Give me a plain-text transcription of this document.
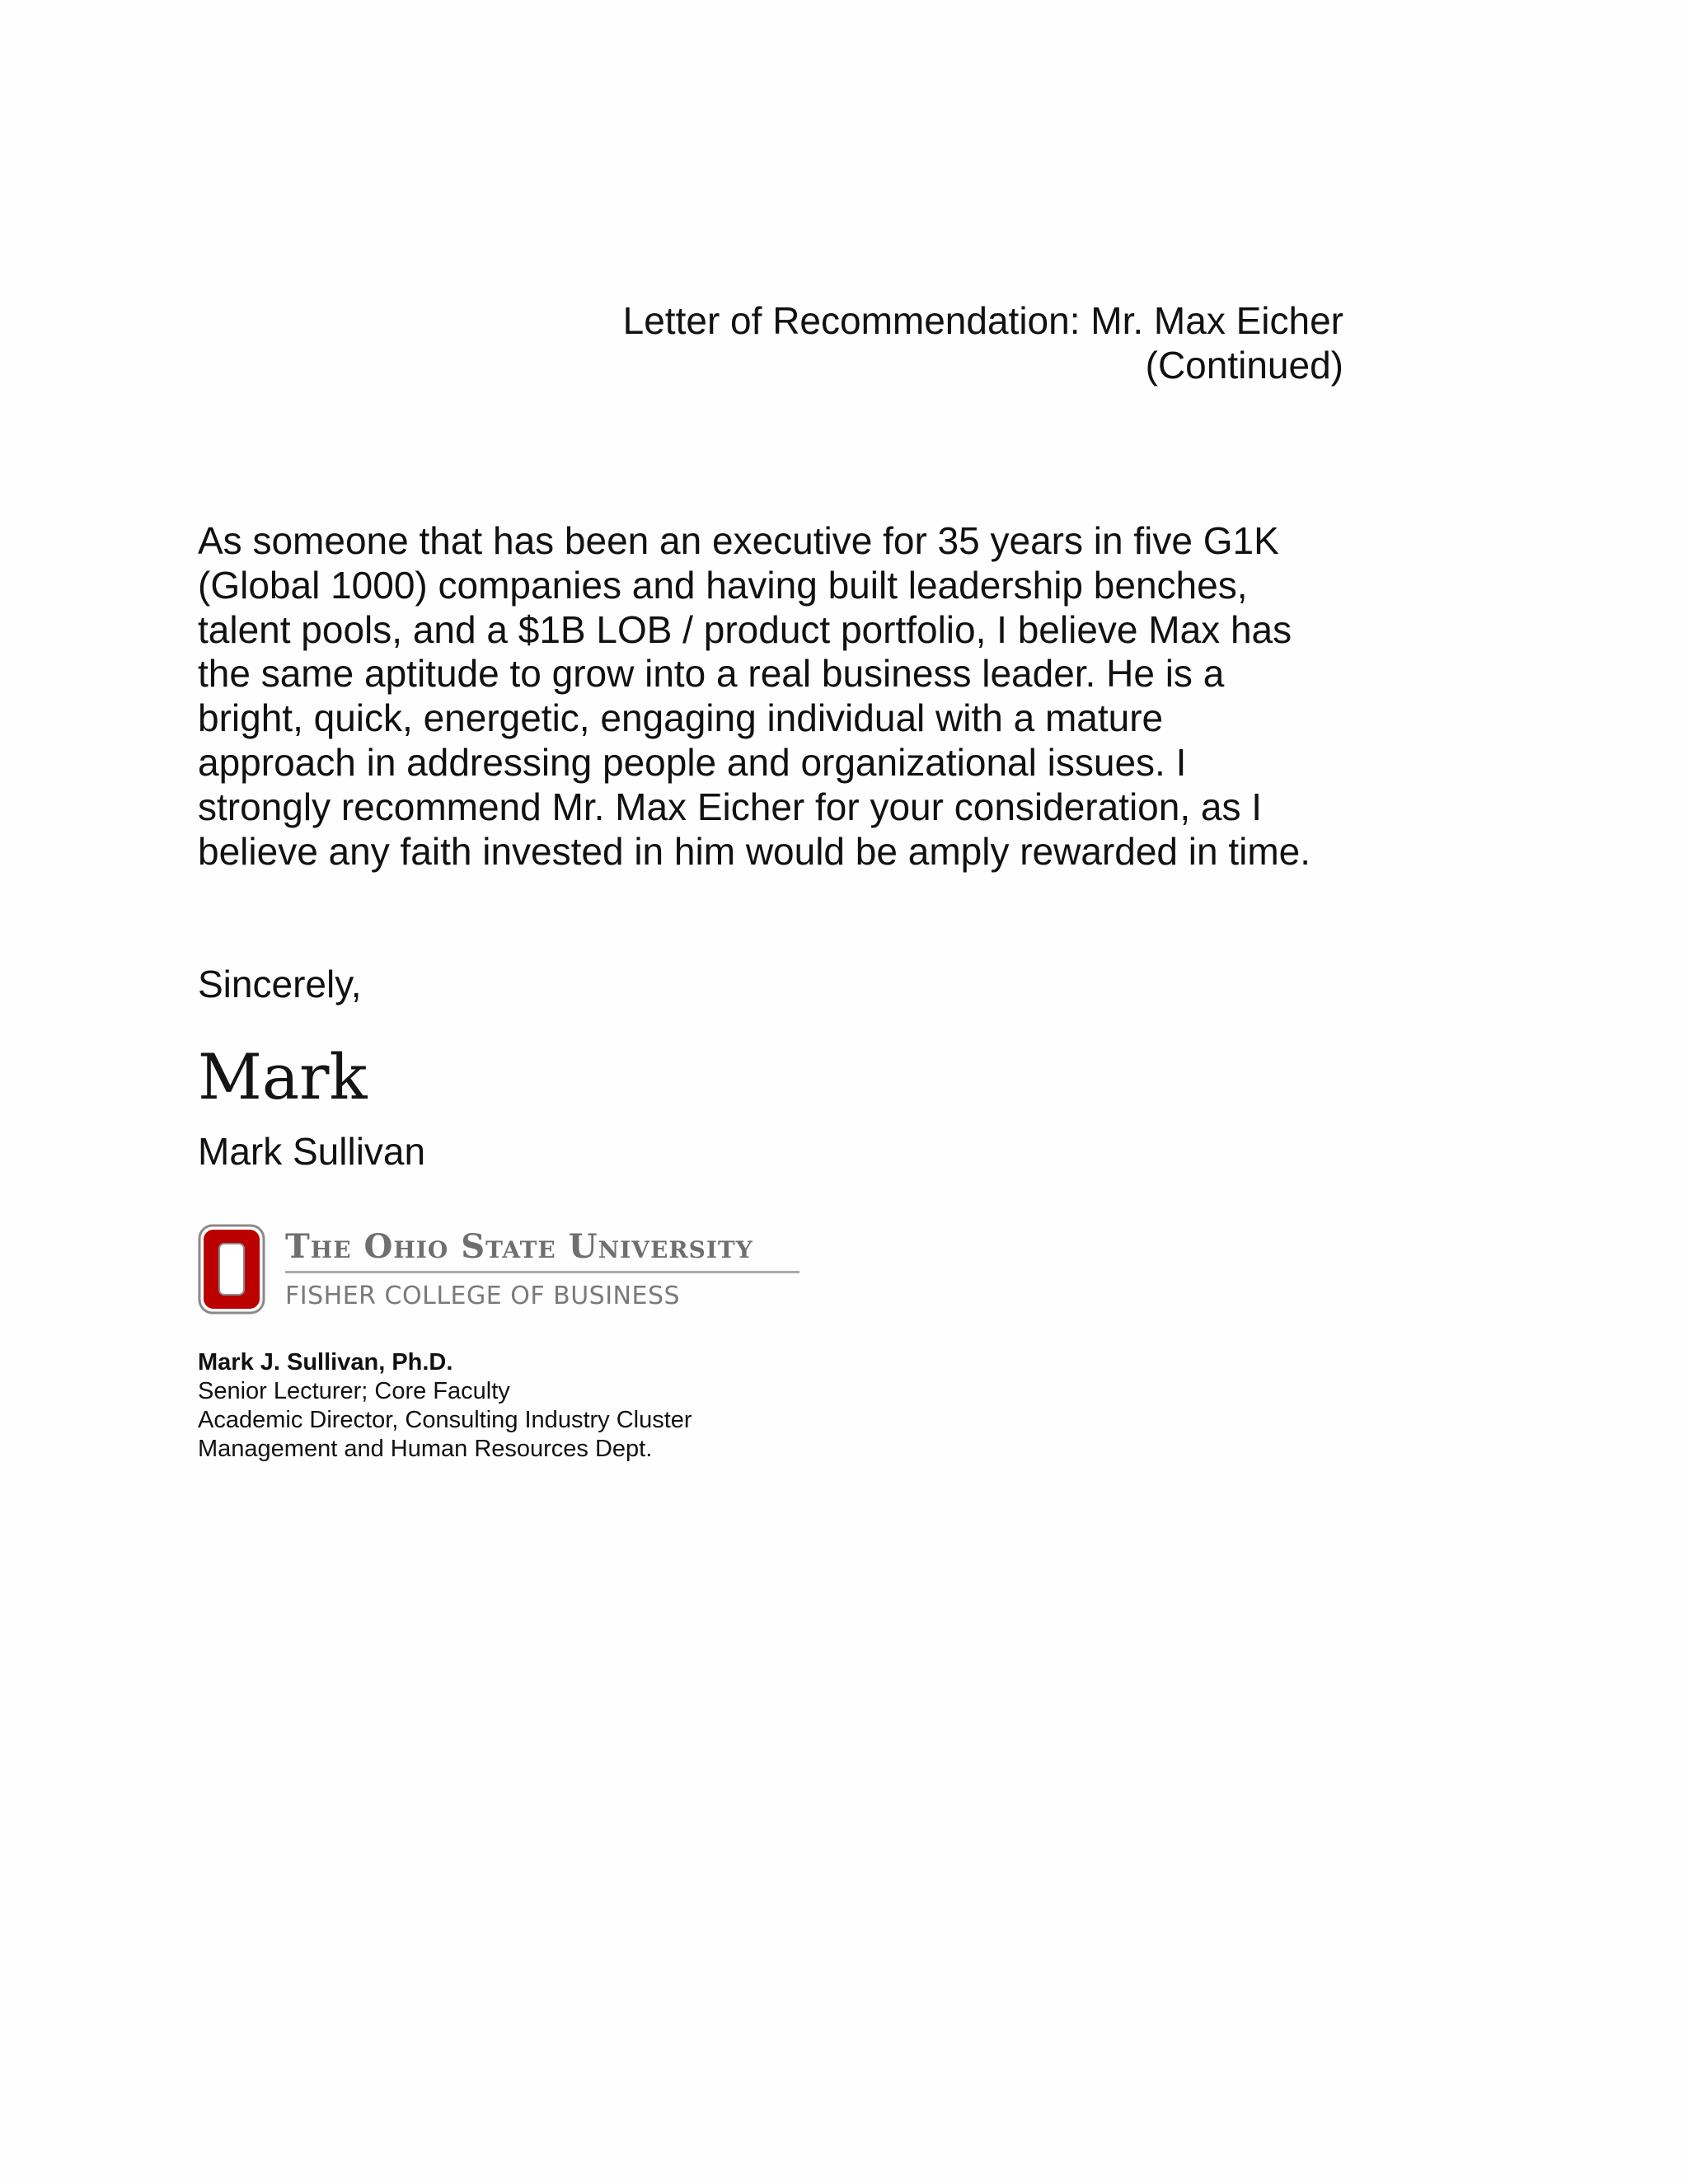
Letter of Recommendation: Mr. Max Eicher
(Continued)
As someone that has been an executive for 35 years in five G1K
(Global 1000) companies and having built leadership benches,
talent pools, and a $1B LOB / product portfolio, I believe Max has
the same aptitude to grow into a real business leader. He is a
bright, quick, energetic, engaging individual with a mature
approach in addressing people and organizational issues. I
strongly recommend Mr. Max Eicher for your consideration, as I
believe any faith invested in him would be amply rewarded in time.
Sincerely,
Mark
Mark Sullivan
The Ohio State University
FISHER COLLEGE OF BUSINESS
Mark J. Sullivan, Ph.D.
Senior Lecturer; Core Faculty
Academic Director, Consulting Industry Cluster
Management and Human Resources Dept.
